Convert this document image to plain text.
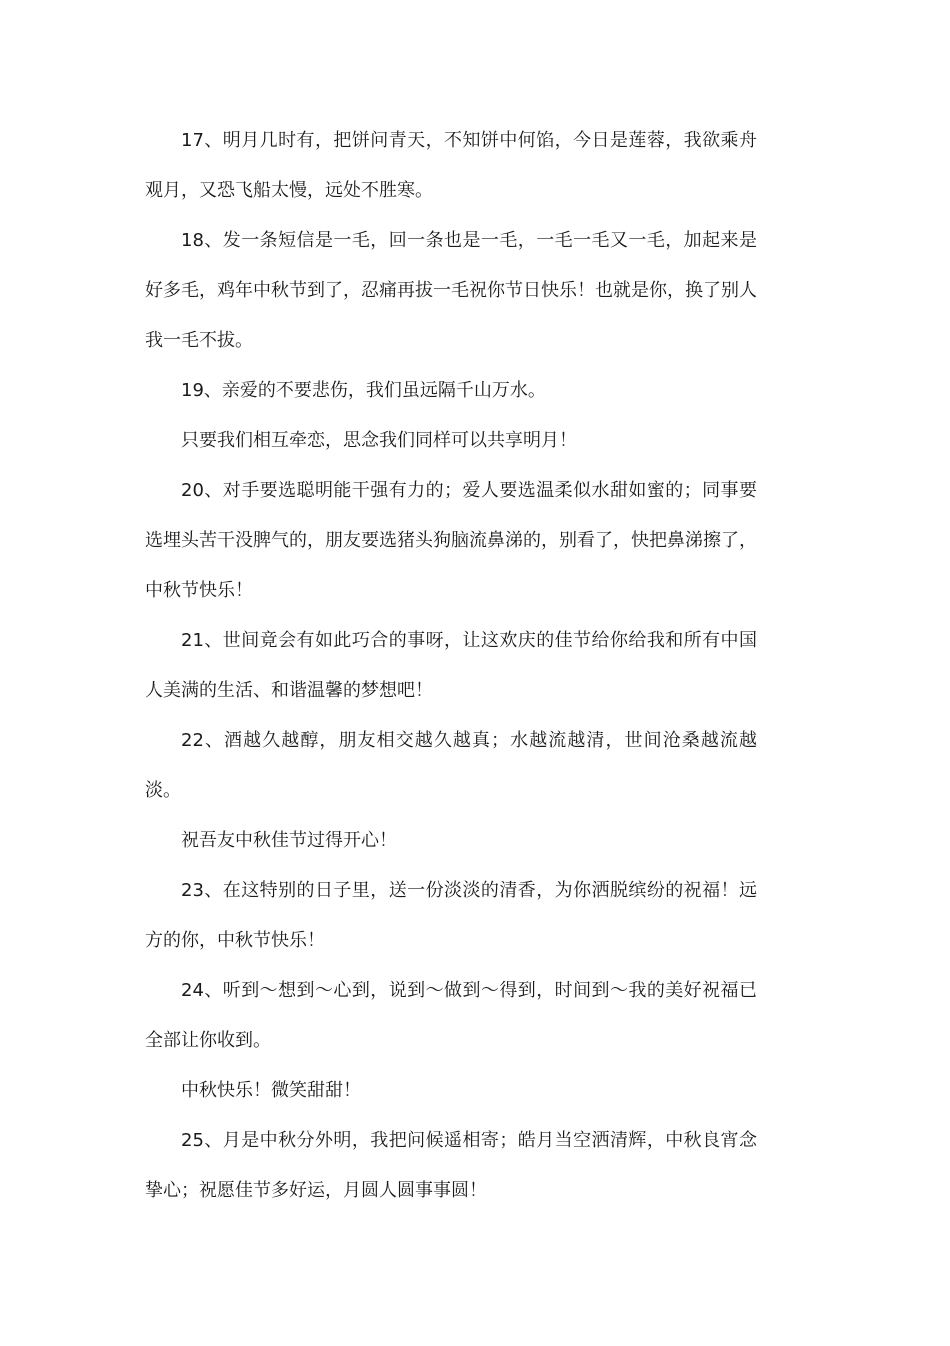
17、明月几时有，把饼问青天，不知饼中何馅，今日是莲蓉，我欲乘舟观月，又恐飞船太慢，远处不胜寒。

18、发一条短信是一毛，回一条也是一毛，一毛一毛又一毛，加起来是好多毛，鸡年中秋节到了，忍痛再拔一毛祝你节日快乐！也就是你，换了别人我一毛不拔。

19、亲爱的不要悲伤，我们虽远隔千山万水。

只要我们相互牵恋，思念我们同样可以共享明月！

20、对手要选聪明能干强有力的；爱人要选温柔似水甜如蜜的；同事要选埋头苦干没脾气的，朋友要选猪头狗脑流鼻涕的，别看了，快把鼻涕擦了，中秋节快乐！

21、世间竟会有如此巧合的事呀，让这欢庆的佳节给你给我和所有中国人美满的生活、和谐温馨的梦想吧！

22、酒越久越醇，朋友相交越久越真；水越流越清，世间沧桑越流越淡。

祝吾友中秋佳节过得开心！

23、在这特别的日子里，送一份淡淡的清香，为你洒脱缤纷的祝福！远方的你，中秋节快乐！

24、听到～想到～心到，说到～做到～得到，时间到～我的美好祝福已全部让你收到。

中秋快乐！微笑甜甜！

25、月是中秋分外明，我把问候遥相寄；皓月当空洒清辉，中秋良宵念挚心；祝愿佳节多好运，月圆人圆事事圆！
